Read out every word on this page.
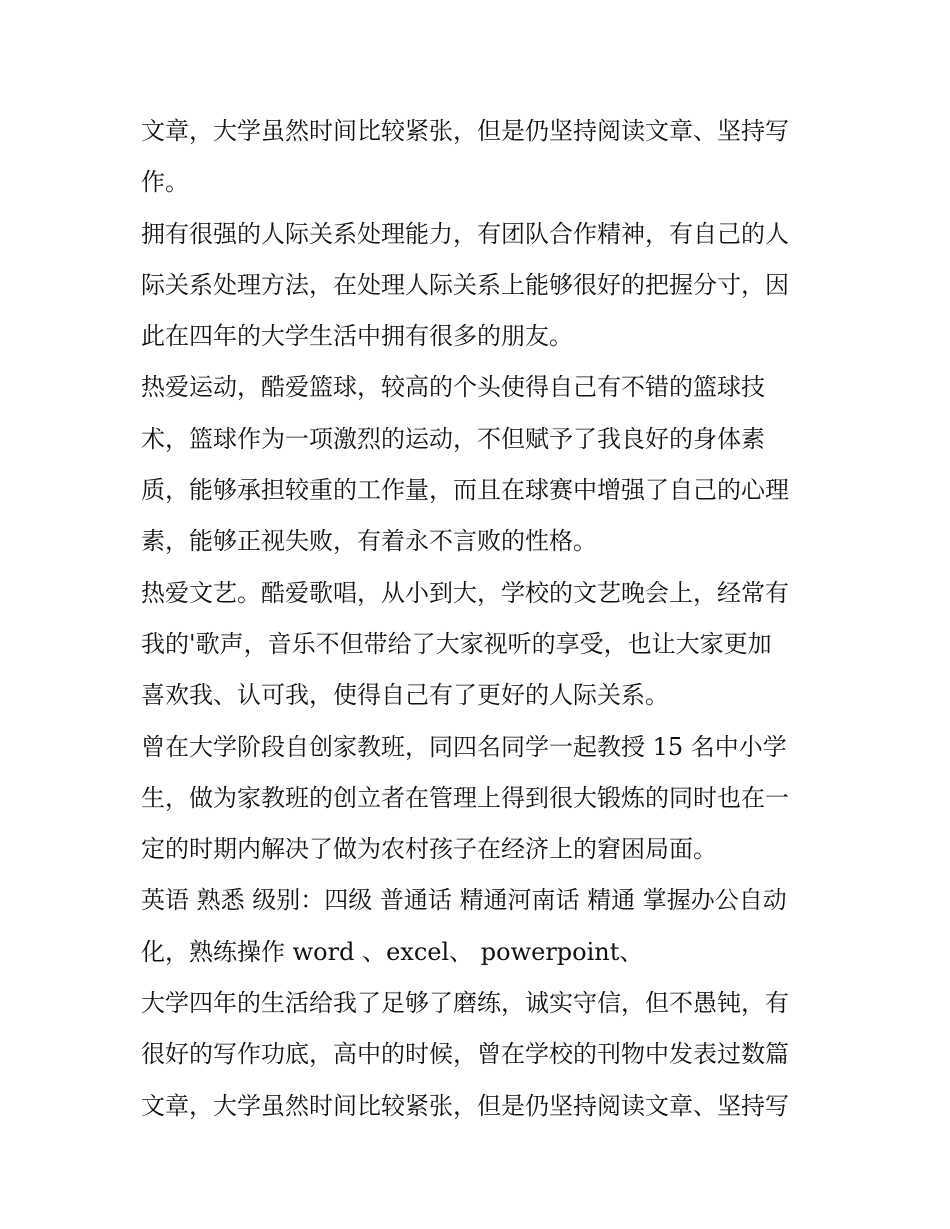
文章，大学虽然时间比较紧张，但是仍坚持阅读文章、坚持写
作。
拥有很强的人际关系处理能力，有团队合作精神，有自己的人
际关系处理方法，在处理人际关系上能够很好的把握分寸，因
此在四年的大学生活中拥有很多的朋友。
热爱运动，酷爱篮球，较高的个头使得自己有不错的篮球技
术，篮球作为一项激烈的运动，不但赋予了我良好的身体素
质，能够承担较重的工作量，而且在球赛中增强了自己的心理
素，能够正视失败，有着永不言败的性格。
热爱文艺。酷爱歌唱，从小到大，学校的文艺晚会上，经常有
我的'歌声，音乐不但带给了大家视听的享受，也让大家更加
喜欢我、认可我，使得自己有了更好的人际关系。
曾在大学阶段自创家教班，同四名同学一起教授 15 名中小学
生，做为家教班的创立者在管理上得到很大锻炼的同时也在一
定的时期内解决了做为农村孩子在经济上的窘困局面。
英语 熟悉 级别：四级 普通话 精通河南话 精通 掌握办公自动
化，熟练操作 word 、excel、 powerpoint、
大学四年的生活给我了足够了磨练，诚实守信，但不愚钝，有
很好的写作功底，高中的时候，曾在学校的刊物中发表过数篇
文章，大学虽然时间比较紧张，但是仍坚持阅读文章、坚持写
